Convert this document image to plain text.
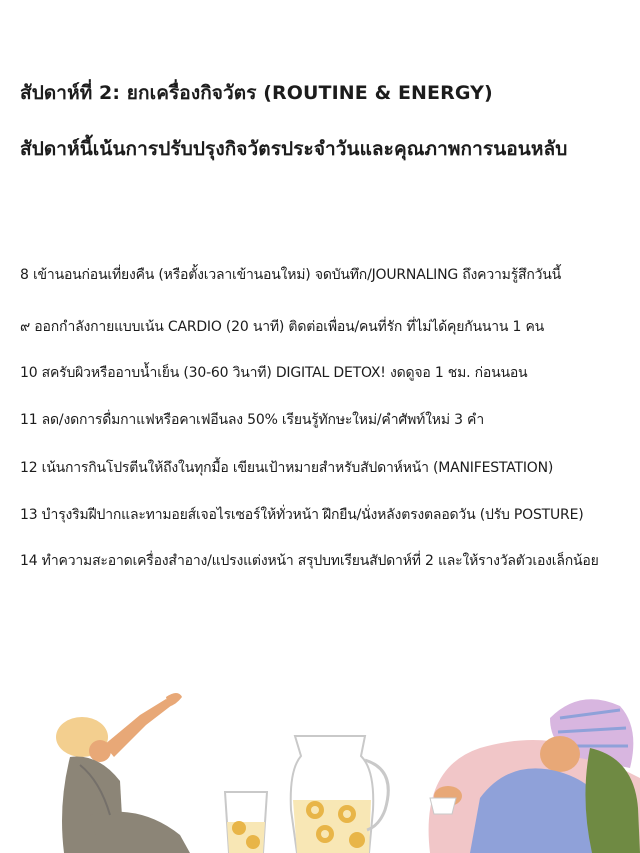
สัปดาห์ที่ 2: ยกเครื่องกิจวัตร (ROUTINE & ENERGY)
สัปดาห์นี้เน้นการปรับปรุงกิจวัตรประจำวันและคุณภาพการนอนหลับ
8 เข้านอนก่อนเที่ยงคืน (หรือตั้งเวลาเข้านอนใหม่) จดบันทึก/JOURNALING ถึงความรู้สึกวันนี้
๙ ออกกำลังกายแบบเน้น CARDIO (20 นาที) ติดต่อเพื่อน/คนที่รัก ที่ไม่ได้คุยกันนาน 1 คน
10 สครับผิวหรืออาบน้ำเย็น (30-60 วินาที) DIGITAL DETOX! งดดูจอ 1 ชม. ก่อนนอน
11 ลด/งดการดื่มกาแฟหรือคาเฟอีนลง 50% เรียนรู้ทักษะใหม่/คำศัพท์ใหม่ 3 คำ
12 เน้นการกินโปรตีนให้ถึงในทุกมื้อ เขียนเป้าหมายสำหรับสัปดาห์หน้า (MANIFESTATION)
13 บำรุงริมฝีปากและทามอยส์เจอไรเซอร์ให้ทั่วหน้า ฝึกยืน/นั่งหลังตรงตลอดวัน (ปรับ POSTURE)
14 ทำความสะอาดเครื่องสำอาง/แปรงแต่งหน้า สรุปบทเรียนสัปดาห์ที่ 2 และให้รางวัลตัวเองเล็กน้อย
